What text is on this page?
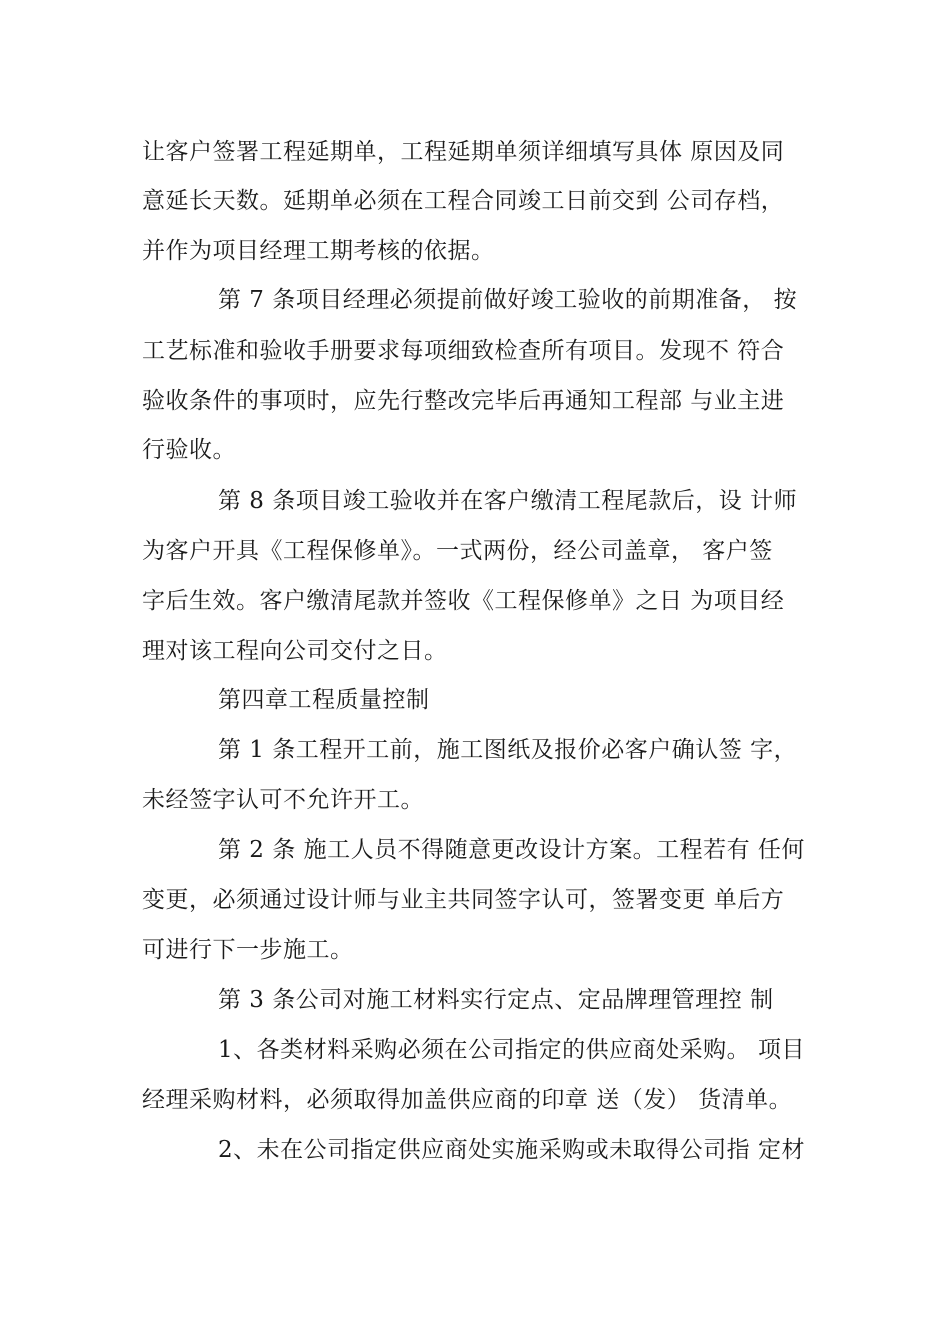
让客户签署工程延期单，工程延期单须详细填写具体 原因及同
意延长天数。延期单必须在工程合同竣工日前交到 公司存档，
并作为项目经理工期考核的依据。
第 7 条项目经理必须提前做好竣工验收的前期准备， 按
工艺标准和验收手册要求每项细致检查所有项目。发现不 符合
验收条件的事项时，应先行整改完毕后再通知工程部 与业主进
行验收。
第 8 条项目竣工验收并在客户缴清工程尾款后，设 计师
为客户开具《工程保修单》。一式两份，经公司盖章， 客户签
字后生效。客户缴清尾款并签收《工程保修单》之日 为项目经
理对该工程向公司交付之日。
第四章工程质量控制
第 1 条工程开工前，施工图纸及报价必客户确认签 字，
未经签字认可不允许开工。
第 2 条 施工人员不得随意更改设计方案。工程若有 任何
变更，必须通过设计师与业主共同签字认可，签署变更 单后方
可进行下一步施工。
第 3 条公司对施工材料实行定点、定品牌理管理控 制
1、各类材料采购必须在公司指定的供应商处采购。 项目
经理采购材料，必须取得加盖供应商的印章 送（发） 货清单。
2、未在公司指定供应商处实施采购或未取得公司指 定材
